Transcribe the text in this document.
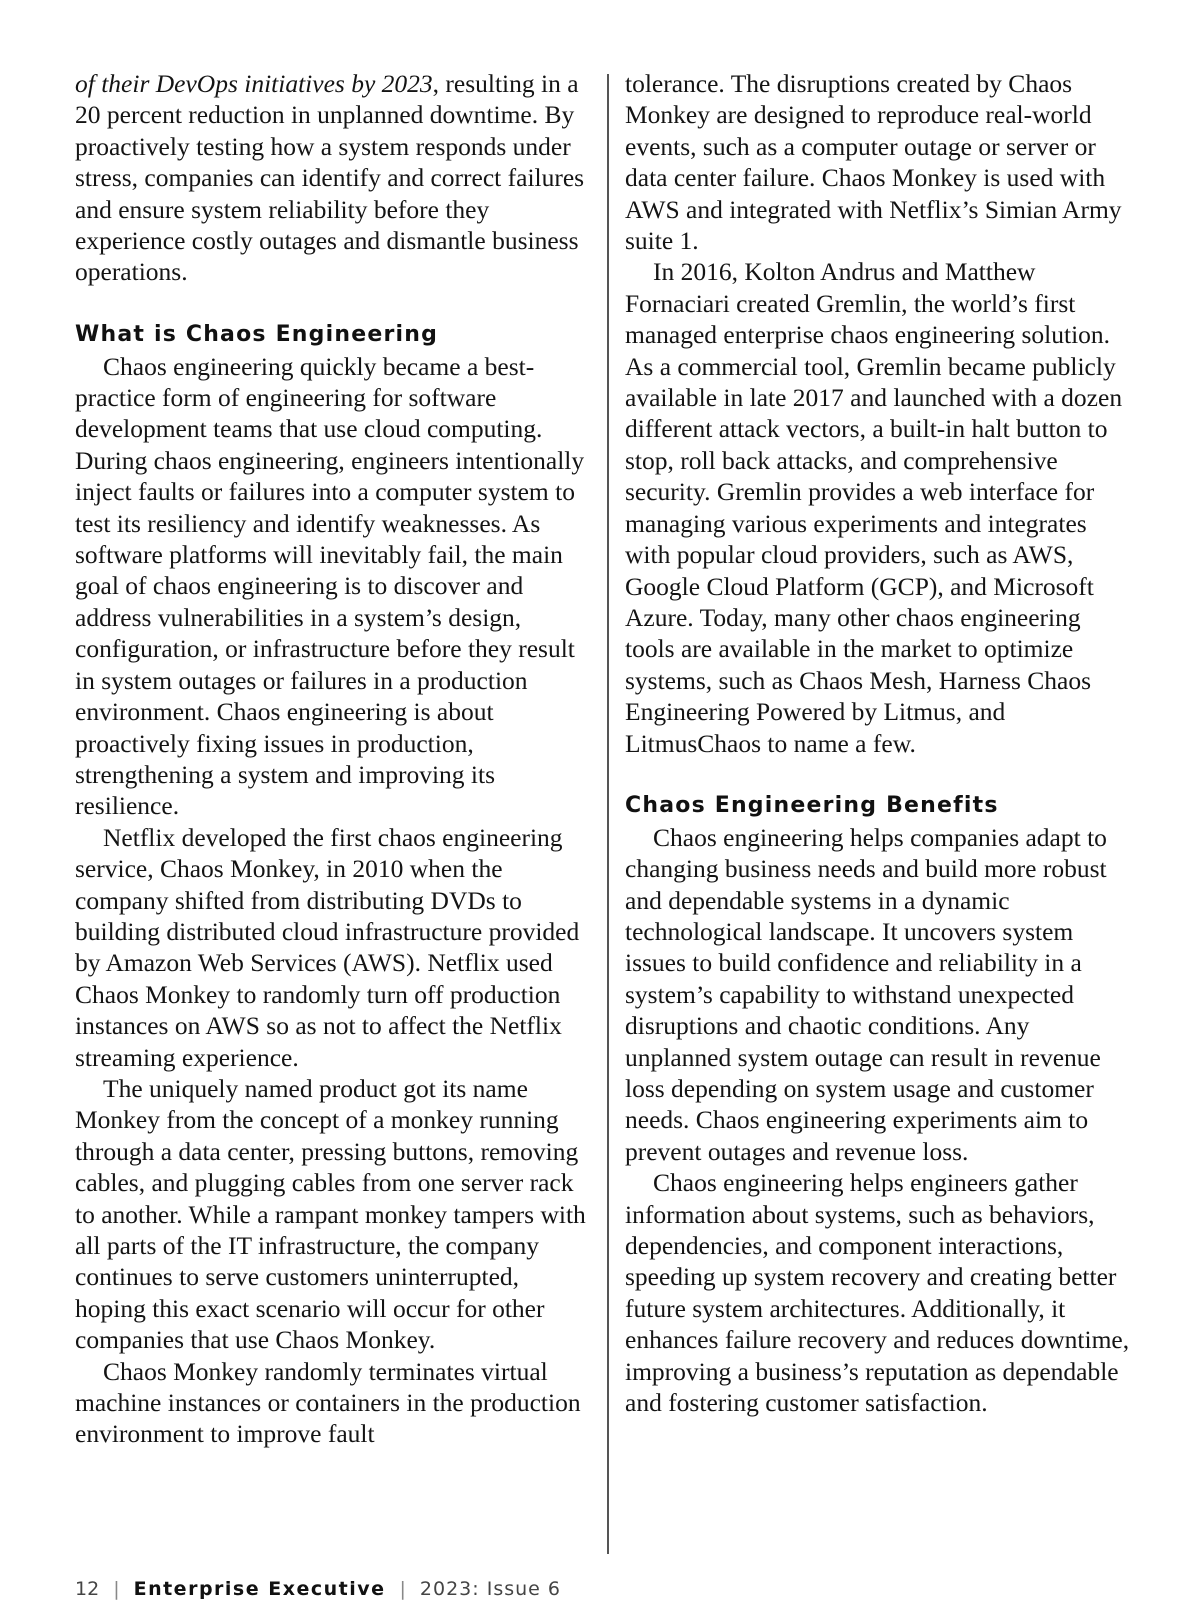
of their DevOps initiatives by 2023, resulting in a 20 percent reduction in unplanned downtime. By proactively testing how a system responds under stress, companies can identify and correct failures and ensure system reliability before they experience costly outages and dismantle business operations.

What is Chaos Engineering

Chaos engineering quickly became a best-practice form of engineering for software development teams that use cloud computing. During chaos engineering, engineers intentionally inject faults or failures into a computer system to test its resiliency and identify weaknesses. As software platforms will inevitably fail, the main goal of chaos engineering is to discover and address vulnerabilities in a system’s design, configuration, or infrastructure before they result in system outages or failures in a production environment. Chaos engineering is about proactively fixing issues in production, strengthening a system and improving its resilience.

Netflix developed the first chaos engineering service, Chaos Monkey, in 2010 when the company shifted from distributing DVDs to building distributed cloud infrastructure provided by Amazon Web Services (AWS). Netflix used Chaos Monkey to randomly turn off production instances on AWS so as not to affect the Netflix streaming experience.

The uniquely named product got its name Monkey from the concept of a monkey running through a data center, pressing buttons, removing cables, and plugging cables from one server rack to another. While a rampant monkey tampers with all parts of the IT infrastructure, the company continues to serve customers uninterrupted, hoping this exact scenario will occur for other companies that use Chaos Monkey.

Chaos Monkey randomly terminates virtual machine instances or containers in the production environment to improve fault

tolerance. The disruptions created by Chaos Monkey are designed to reproduce real-world events, such as a computer outage or server or data center failure. Chaos Monkey is used with AWS and integrated with Netflix’s Simian Army suite 1.

In 2016, Kolton Andrus and Matthew Fornaciari created Gremlin, the world’s first managed enterprise chaos engineering solution. As a commercial tool, Gremlin became publicly available in late 2017 and launched with a dozen different attack vectors, a built-in halt button to stop, roll back attacks, and comprehensive security. Gremlin provides a web interface for managing various experiments and integrates with popular cloud providers, such as AWS, Google Cloud Platform (GCP), and Microsoft Azure. Today, many other chaos engineering tools are available in the market to optimize systems, such as Chaos Mesh, Harness Chaos Engineering Powered by Litmus, and LitmusChaos to name a few.

Chaos Engineering Benefits

Chaos engineering helps companies adapt to changing business needs and build more robust and dependable systems in a dynamic technological landscape. It uncovers system issues to build confidence and reliability in a system’s capability to withstand unexpected disruptions and chaotic conditions. Any unplanned system outage can result in revenue loss depending on system usage and customer needs. Chaos engineering experiments aim to prevent outages and revenue loss.

Chaos engineering helps engineers gather information about systems, such as behaviors, dependencies, and component interactions, speeding up system recovery and creating better future system architectures. Additionally, it enhances failure recovery and reduces downtime, improving a business’s reputation as dependable and fostering customer satisfaction.

12 | Enterprise Executive | 2023: Issue 6
